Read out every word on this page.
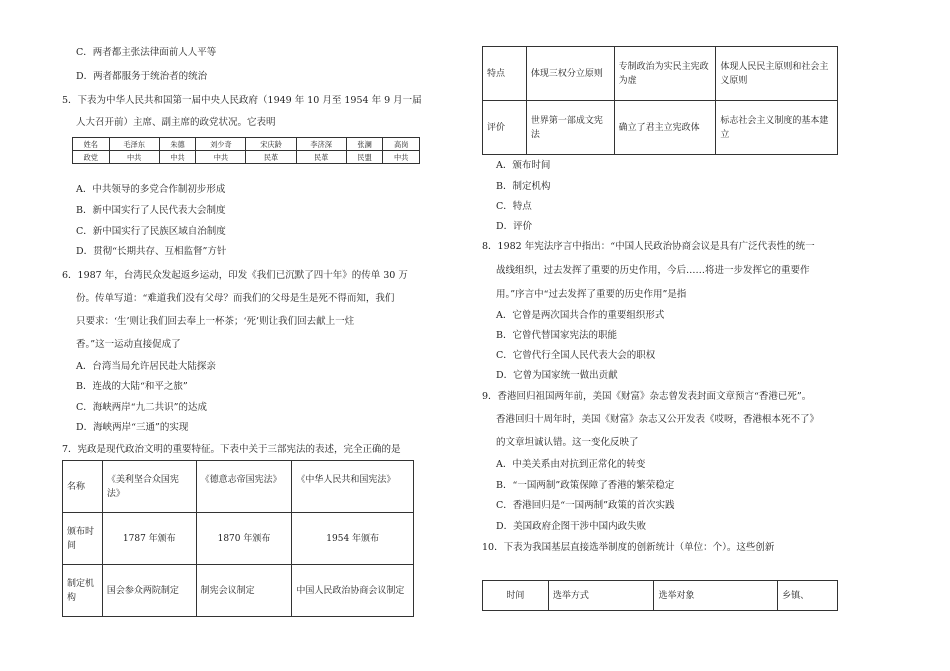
C．两者都主张法律面前人人平等
D．两者都服务于统治者的统治
5．下表为中华人民共和国第一届中央人民政府（1949 年 10 月至 1954 年 9 月一届
人大召开前）主席、副主席的政党状况。它表明
姓名	毛泽东	朱德	刘少奇	宋庆龄	李济深	张澜	高岗
政党	中共	中共	中共	民革	民革	民盟	中共
A．中共领导的多党合作制初步形成
B．新中国实行了人民代表大会制度
C．新中国实行了民族区域自治制度
D．贯彻“长期共存、互相监督”方针
6．1987 年，台湾民众发起返乡运动，印发《我们已沉默了四十年》的传单 30 万
份。传单写道：“难道我们没有父母？而我们的父母是生是死不得而知，我们
只要求：‘生’则让我们回去奉上一杯茶；‘死’则让我们回去献上一炷
香。”这一运动直接促成了
A．台湾当局允许居民赴大陆探亲
B．连战的大陆“和平之旅”
C．海峡两岸“九二共识”的达成
D．海峡两岸“三通”的实现
7．宪政是现代政治文明的重要特征。下表中关于三部宪法的表述，完全正确的是
名称	《美利坚合众国宪法》	《德意志帝国宪法》	《中华人民共和国宪法》
颁布时间	1787 年颁布	1870 年颁布	1954 年颁布
制定机构	国会参众两院制定	制宪会议制定	中国人民政治协商会议制定
特点	体现三权分立原则	专制政治为实民主宪政为虚	体现人民民主原则和社会主义原则
评价	世界第一部成文宪法	确立了君主立宪政体	标志社会主义制度的基本建立
A．颁布时间
B．制定机构
C．特点
D．评价
8．1982 年宪法序言中指出：“中国人民政治协商会议是具有广泛代表性的统一
战线组织，过去发挥了重要的历史作用，今后……将进一步发挥它的重要作
用。”序言中“过去发挥了重要的历史作用”是指
A．它曾是两次国共合作的重要组织形式
B．它曾代替国家宪法的职能
C．它曾代行全国人民代表大会的职权
D．它曾为国家统一做出贡献
9．香港回归祖国两年前，美国《财富》杂志曾发表封面文章预言“香港已死”。
香港回归十周年时，美国《财富》杂志又公开发表《哎呀，香港根本死不了》
的文章坦诚认错。这一变化反映了
A．中美关系由对抗到正常化的转变
B．“一国两制”政策保障了香港的繁荣稳定
C．香港回归是“一国两制”政策的首次实践
D．美国政府企图干涉中国内政失败
10．下表为我国基层直接选举制度的创新统计（单位：个）。这些创新
时间	选举方式	选举对象	乡镇、
